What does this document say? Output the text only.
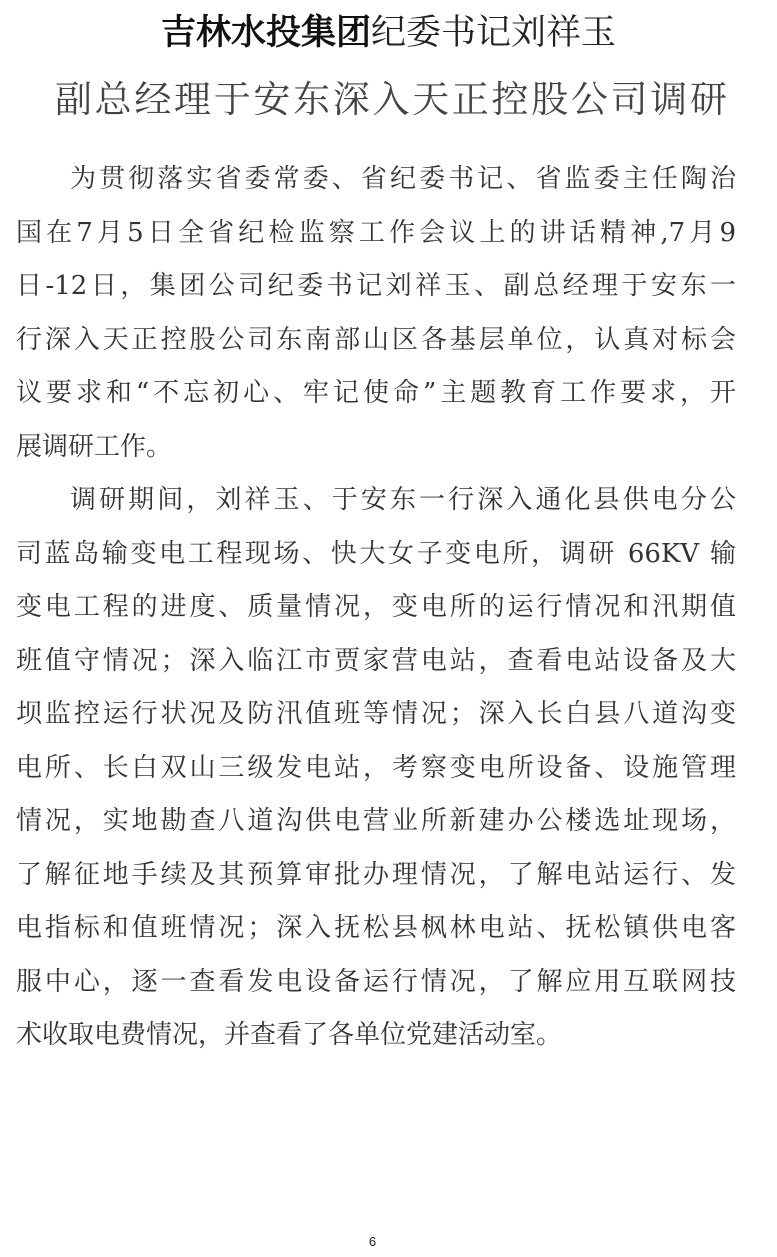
吉林水投集团纪委书记刘祥玉
副总经理于安东深入天正控股公司调研
为贯彻落实省委常委、省纪委书记、省监委主任陶治
国在7月5日全省纪检监察工作会议上的讲话精神,7月9
日-12日，集团公司纪委书记刘祥玉、副总经理于安东一
行深入天正控股公司东南部山区各基层单位，认真对标会
议要求和“不忘初心、牢记使命”主题教育工作要求，开
展调研工作。
调研期间，刘祥玉、于安东一行深入通化县供电分公
司蓝岛输变电工程现场、快大女子变电所，调研 66KV 输
变电工程的进度、质量情况，变电所的运行情况和汛期值
班值守情况；深入临江市贾家营电站，查看电站设备及大
坝监控运行状况及防汛值班等情况；深入长白县八道沟变
电所、长白双山三级发电站，考察变电所设备、设施管理
情况，实地勘查八道沟供电营业所新建办公楼选址现场，
了解征地手续及其预算审批办理情况，了解电站运行、发
电指标和值班情况；深入抚松县枫林电站、抚松镇供电客
服中心，逐一查看发电设备运行情况，了解应用互联网技
术收取电费情况，并查看了各单位党建活动室。
6
